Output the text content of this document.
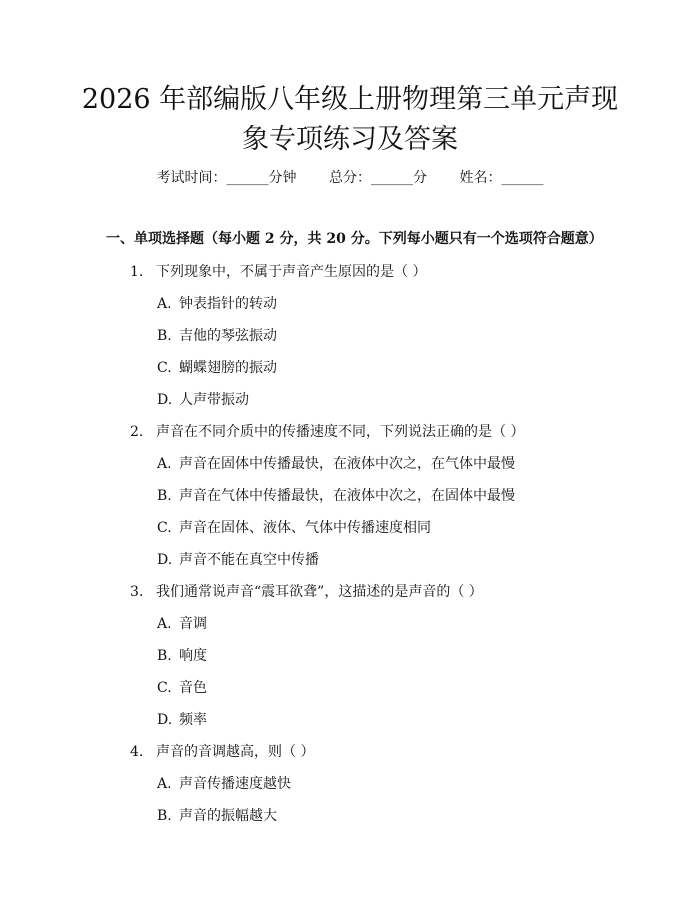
2026 年部编版八年级上册物理第三单元声现
象专项练习及答案
考试时间：______分钟 总分：______分 姓名：______
一、单项选择题（每小题 2 分，共 20 分。下列每小题只有一个选项符合题意）
1. 下列现象中，不属于声音产生原因的是（ ）
A. 钟表指针的转动
B. 吉他的琴弦振动
C. 蝴蝶翅膀的振动
D. 人声带振动
2. 声音在不同介质中的传播速度不同，下列说法正确的是（ ）
A. 声音在固体中传播最快，在液体中次之，在气体中最慢
B. 声音在气体中传播最快，在液体中次之，在固体中最慢
C. 声音在固体、液体、气体中传播速度相同
D. 声音不能在真空中传播
3. 我们通常说声音“震耳欲聋”，这描述的是声音的（ ）
A. 音调
B. 响度
C. 音色
D. 频率
4. 声音的音调越高，则（ ）
A. 声音传播速度越快
B. 声音的振幅越大
